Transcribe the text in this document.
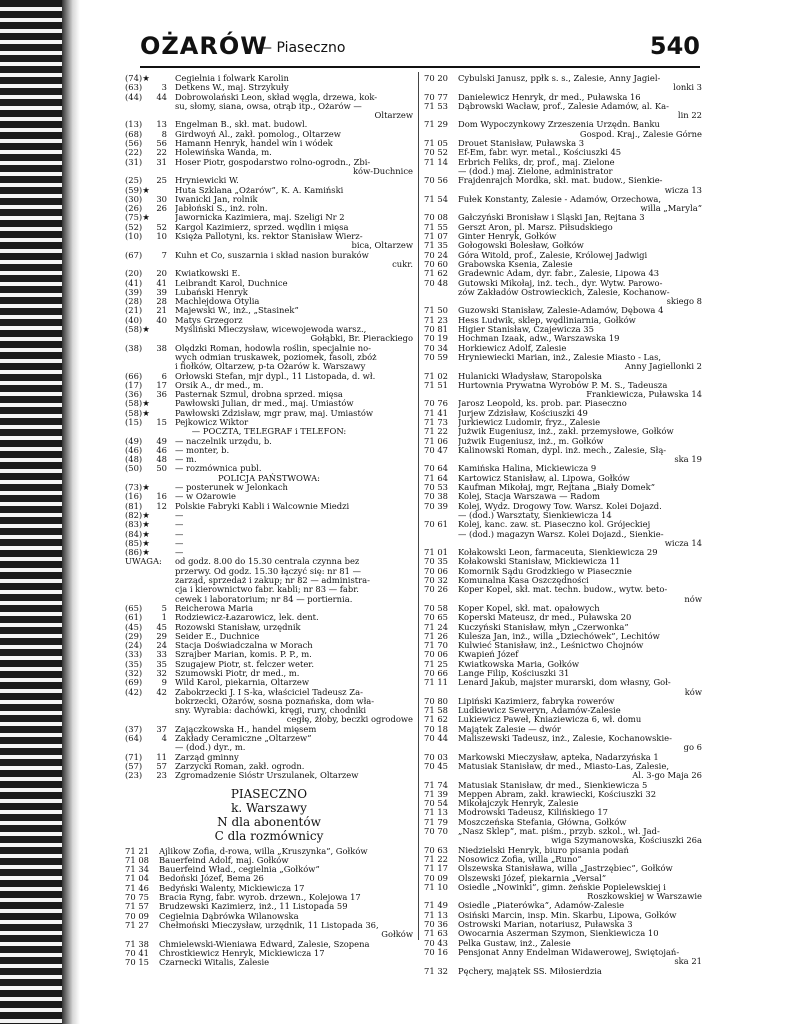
OŻARÓW
— Piaseczno	540
(74)★	Cegielnia i folwark Karolin
(63)	3 Detkens W., maj. Strzykuły
(44)	44 Dobrowolański Leon, skład węgla, drzewa, kok-
su, słomy, siana, owsa, otrąb itp., Ożarów —
Oltarzew
(13)	13 Engelman B., skł. mat. budowl.
(68)	8 Girdwoyń Al., zakł. pomolog., Oltarzew
(56)	56 Hamann Henryk, handel win i wódek
(22)	22 Holewińska Wanda, m.
(31)	31 Hoser Piotr, gospodarstwo rolno-ogrodn., Żbi-
ków-Duchnice
(25)	25 Hryniewicki W.
(59)★	Huta Szklana „Ożarów”, K. A. Kamiński
(30)	30 Iwanicki Jan, rolnik
(26)	26 Jabłoński S., inż. roln.
(75)★	Jawornicka Kazimiera, maj. Szeligi Nr 2
(52)	52 Kargol Kazimierz, sprzed. wędlin i mięsa
(10)	10 Księża Pallotyni, ks. rektor Stanisław Wierz-
bica, Oltarzew
(67)	7 Kuhn et Co, suszarnia i skład nasion buraków
cukr.
(20)	20 Kwiatkowski E.
(41)	41 Leibrandt Karol, Duchnice
(39)	39 Lubański Henryk
(28)	28 Machlejdowa Otylia
(21)	21 Majewski W., inż., „Stasinek”
(40)	40 Matys Grzegorz
(58)★	Myśliński Mieczysław, wicewojewoda warsz.,
Gołąbki, Br. Pierackiego
(38)	38 Olędzki Roman, hodowla roślin, specjalnie no-
wych odmian truskawek, poziomek, fasoli, zbóż
i fiołków, Oltarzew, p-ta Ożarów k. Warszawy
(66)	6 Orłowski Stefan, mjr dypl., 11 Listopada, d. wł.
(17)	17 Orsik A., dr med., m.
(36)	36 Pasternak Szmul, drobna sprzed. mięsa
(58)★	Pawłowski Julian, dr med., maj. Umiastów
(58)★	Pawłowski Zdzisław, mgr praw, maj. Umiastów
(15)	15 Pejkowicz Wiktor
— POCZTA, TELEGRAF i TELEFON:
(49)	49 — naczelnik urzędu, b.
(46)	46 — monter, b.
(48)	48 — m.
(50)	50 — rozmównica publ.
POLICJA PAŃSTWOWA:
(73)★	— posterunek w Jelonkach
(16)	16 — w Ożarowie
(81)	12 Polskie Fabryki Kabli i Walcownie Miedzi
(82)★	—
(83)★	—
(84)★	—
(85)★	—
(86)★	—
UWAGA: od godz. 8.00 do 15.30 centrala czynna bez
przerwy. Od godz. 15.30 łączyć się: nr 81 —
zarząd, sprzedaż i zakup; nr 82 — administra-
cja i kierownictwo fabr. kabli; nr 83 — fabr.
cewek i laboratorium; nr 84 — portiernia.
(65)	5 Reicherowa Maria
(61)	1 Rodziewicz-Łazarowicz, lek. dent.
(45)	45 Rozowski Stanisław, urzędnik
(29)	29 Seider E., Duchnice
(24)	24 Stacja Doświadczalna w Morach
(33)	33 Szrajber Marian, komis. P. P., m.
(35)	35 Szugajew Piotr, st. felczer weter.
(32)	32 Szumowski Piotr, dr med., m.
(69)	9 Wild Karol, piekarnia, Oltarzew
(42)	42 Zabokrzecki J. I S-ka, właściciel Tadeusz Za-
bokrzecki, Ożarów, sosna poznańska, dom wła-
sny. Wyrabia: dachówki, kręgi, rury, chodniki
cegłę, żłoby, beczki ogrodowe
(37)	37 Zajączkowska H., handel mięsem
(64)	4 Zakłady Ceramiczne „Oltarzew”
— (dod.) dyr., m.
(71)	11 Zarząd gminny
(57)	57 Zarzycki Roman, zakł. ogrodn.
(23)	23 Zgromadzenie Sióstr Urszulanek, Oltarzew
PIASECZNO
k. Warszawy
N dla abonentów
C dla rozmównicy
71 21	Ajlikow Zofia, d-rowa, willa „Kruszynka”, Gołków
71 08	Bauerfeind Adolf, maj. Gołków
71 34	Bauerfeind Wład., cegielnia „Gołków”
71 04	Bedoński Józef, Bema 26
71 46	Bedyński Walenty, Mickiewicza 17
70 75	Bracia Ryng, fabr. wyrob. drzewn., Kolejowa 17
71 57	Brudzewski Kazimierz, inż., 11 Listopada 59
70 09	Cegielnia Dąbrówka Wilanowska
71 27	Chełmoński Mieczysław, urzędnik, 11 Listopada 36,
Gołków
71 38	Chmielewski-Wieniawa Edward, Zalesie, Szopena
70 41	Chrostkiewicz Henryk, Mickiewicza 17
70 15	Czarnecki Witalis, Zalesie
70 20	Cybulski Janusz, ppłk s. s., Zalesie, Anny Jagiel-
lonki 3
70 77	Danielewicz Henryk, dr med., Puławska 16
71 53	Dąbrowski Wacław, prof., Zalesie Adamów, al. Ka-
lin 22
71 29	Dom Wypoczynkowy Zrzeszenia Urzędn. Banku
Gospod. Kraj., Zalesie Górne
71 05	Drouet Stanisław, Puławska 3
70 52	Ef-Em, fabr. wyr. metal., Kościuszki 45
71 14	Erbrich Feliks, dr, prof., maj. Zielone
— (dod.) maj. Zielone, administrator
70 56	Frajdenrajch Mordka, skł. mat. budow., Sienkie-
wicza 13
71 54	Fułek Konstanty, Zalesie - Adamów, Orzechowa,
willa „Maryla”
70 08	Gałczyński Bronisław i Śląski Jan, Rejtana 3
71 55	Gerszt Aron, pl. Marsz. Piłsudskiego
71 07	Ginter Henryk, Gołków
71 35	Gołogowski Bolesław, Gołków
70 24	Góra Witold, prof., Zalesie, Królowej Jadwigi
70 60	Grabowska Ksenia, Zalesie
71 62	Gradewnic Adam, dyr. fabr., Zalesie, Lipowa 43
70 48	Gutowski Mikołaj, inż. tech., dyr. Wytw. Parowo-
zów Zakładów Ostrowieckich, Zalesie, Kochanow-
skiego 8
71 50	Guzowski Stanisław, Zalesie-Adamów, Dębowa 4
71 23	Hess Ludwik, sklep, wędliniarnia, Gołków
70 81	Higier Stanisław, Czajewicza 35
70 19	Hochman Izaak, adw., Warszawska 19
70 34	Horkiewicz Adolf, Zalesie
70 59	Hryniewiecki Marian, inż., Zalesie Miasto - Las,
Anny Jagiellonki 2
71 02	Hulanicki Władysław, Staropolska
71 51	Hurtownia Prywatna Wyrobów P. M. S., Tadeusza
Frankiewicza, Puławska 14
70 76	Jarosz Leopold, ks. prob. par. Piaseczno
71 41	Jurjew Zdzisław, Kościuszki 49
71 73	Jurkiewicz Ludomir, fryz., Zalesie
71 22	Jużwik Eugeniusz, inż., zakł. przemysłowe, Gołków
71 06	Jużwik Eugeniusz, inż., m. Gołków
70 47	Kalinowski Roman, dypl. inż. mech., Zalesie, Słą-
ska 19
70 64	Kamińska Halina, Mickiewicza 9
71 64	Kartowicz Stanisław, al. Lipowa, Gołków
70 53	Kaufman Mikołaj, mgr, Rejtana „Biały Domek”
70 38	Kolej, Stacja Warszawa — Radom
70 39	Kolej, Wydz. Drogowy Tow. Warsz. Kolei Dojazd.
— (dod.) Warsztaty, Sienkiewicza 14
70 61	Kolej, kanc. zaw. st. Piaseczno kol. Grójeckiej
— (dod.) magazyn Warsz. Kolei Dojazd., Sienkie-
wicza 14
71 01	Kołakowski Leon, farmaceuta, Sienkiewicza 29
70 35	Kołakowski Stanisław, Mickiewicza 11
70 06	Komornik Sądu Grodzkiego w Piasecznie
70 32	Komunalna Kasa Oszczędności
70 26	Koper Kopel, skł. mat. techn. budow., wytw. beto-
nów
70 58	Koper Kopel, skł. mat. opałowych
70 65	Koperski Mateusz, dr med., Puławska 20
71 24	Kuczyński Stanisław, młyn „Czerwonka”
71 26	Kulesza Jan, inż., willa „Dziechówek”, Lechitów
71 70	Kulwieć Stanisław, inż., Leśnictwo Chojnów
70 06	Kwapień Józef
71 25	Kwiatkowska Maria, Gołków
70 66	Lange Filip, Kościuszki 31
71 11	Lenard Jakub, majster murarski, dom własny, Goł-
ków
70 80	Lipiński Kazimierz, fabryka rowerów
71 58	Ludkiewicz Seweryn, Adamów-Zalesie
71 62	Lukiewicz Paweł, Kniaziewicza 6, wł. domu
70 18	Majątek Zalesie — dwór
70 44	Maliszewski Tadeusz, inż., Zalesie, Kochanowskie-
go 6
70 03	Markowski Mieczysław, apteka, Nadarzyńska 1
70 45	Matusiak Stanisław, dr med., Miasto-Las, Zalesie,
Al. 3-go Maja 26
71 74	Matusiak Stanisław, dr med., Sienkiewicza 5
71 39	Meppen Abram, zakł. krawiecki, Kościuszki 32
70 54	Mikołajczyk Henryk, Zalesie
71 13	Modrowski Tadeusz, Kilińskiego 17
71 79	Moszczeńska Stefania, Główna, Gołków
70 70	„Nasz Sklep”, mat. piśm., przyb. szkol., wł. Jad-
wiga Szymanowska, Kościuszki 26a
70 63	Niedzielski Henryk, biuro pisania podań
71 22	Nosowicz Zofia, willa „Runo”
71 17	Olszewska Stanisława, willa „Jastrzębiec”, Gołków
70 09	Olszewski Józef, piekarnia „Versal”
71 10	Osiedle „Nowinki”, gimn. żeńskie Popielewskiej i
Roszkowskiej w Warszawie
71 49	Osiedle „Piaterówka”, Adamów-Zalesie
71 13	Osiński Marcin, insp. Min. Skarbu, Lipowa, Gołków
70 36	Ostrowski Marian, notariusz, Puławska 3
71 63	Owocarnia Aszerman Szymon, Sienkiewicza 10
70 43	Pelka Gustaw, inż., Zalesie
70 16	Pensjonat Anny Endelman Widawerowej, Świętojań-
ska 21
71 32	Pęchery, majątek SS. Miłosierdzia
